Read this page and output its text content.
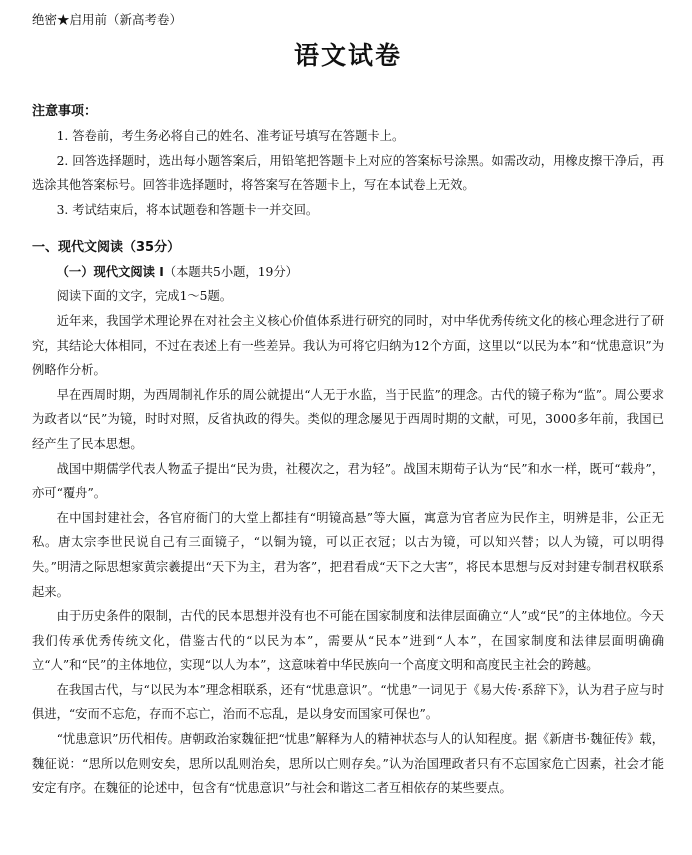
绝密★启用前（新高考卷）
语文试卷
注意事项：

1. 答卷前，考生务必将自己的姓名、准考证号填写在答题卡上。

2. 回答选择题时，选出每小题答案后，用铅笔把答题卡上对应的答案标号涂黑。如需改动，用橡皮擦干净后，再选涂其他答案标号。回答非选择题时，将答案写在答题卡上，写在本试卷上无效。

3. 考试结束后，将本试题卷和答题卡一并交回。

一、现代文阅读（35分）
（一）现代文阅读 I（本题共5小题，19分）

阅读下面的文字，完成1～5题。

近年来，我国学术理论界在对社会主义核心价值体系进行研究的同时，对中华优秀传统文化的核心理念进行了研究，其结论大体相同，不过在表述上有一些差异。我认为可将它归纳为12个方面，这里以“以民为本”和“忧患意识”为例略作分析。

早在西周时期，为西周制礼作乐的周公就提出“人无于水监，当于民监”的理念。古代的镜子称为“监”。周公要求为政者以“民”为镜，时时对照，反省执政的得失。类似的理念屡见于西周时期的文献，可见，3000多年前，我国已经产生了民本思想。

战国中期儒学代表人物孟子提出“民为贵，社稷次之，君为轻”。战国末期荀子认为“民”和水一样，既可“载舟”，亦可“覆舟”。

在中国封建社会，各官府衙门的大堂上都挂有“明镜高悬”等大匾，寓意为官者应为民作主，明辨是非，公正无私。唐太宗李世民说自己有三面镜子，“以铜为镜，可以正衣冠；以古为镜，可以知兴替；以人为镜，可以明得失。”明清之际思想家黄宗羲提出“天下为主，君为客”，把君看成“天下之大害”，将民本思想与反对封建专制君权联系起来。

由于历史条件的限制，古代的民本思想并没有也不可能在国家制度和法律层面确立“人”或“民”的主体地位。今天我们传承优秀传统文化，借鉴古代的“以民为本”，需要从“民本”进到“人本”，在国家制度和法律层面明确确立“人”和“民”的主体地位，实现“以人为本”，这意味着中华民族向一个高度文明和高度民主社会的跨越。

在我国古代，与“以民为本”理念相联系，还有“忧患意识”。“忧患”一词见于《易大传·系辞下》，认为君子应与时俱进，“安而不忘危，存而不忘亡，治而不忘乱，是以身安而国家可保也”。

“忧患意识”历代相传。唐朝政治家魏征把“忧患”解释为人的精神状态与人的认知程度。据《新唐书·魏征传》载，魏征说：“思所以危则安矣，思所以乱则治矣，思所以亡则存矣。”认为治国理政者只有不忘国家危亡因素，社会才能安定有序。在魏征的论述中，包含有“忧患意识”与社会和谐这二者互相依存的某些要点。
